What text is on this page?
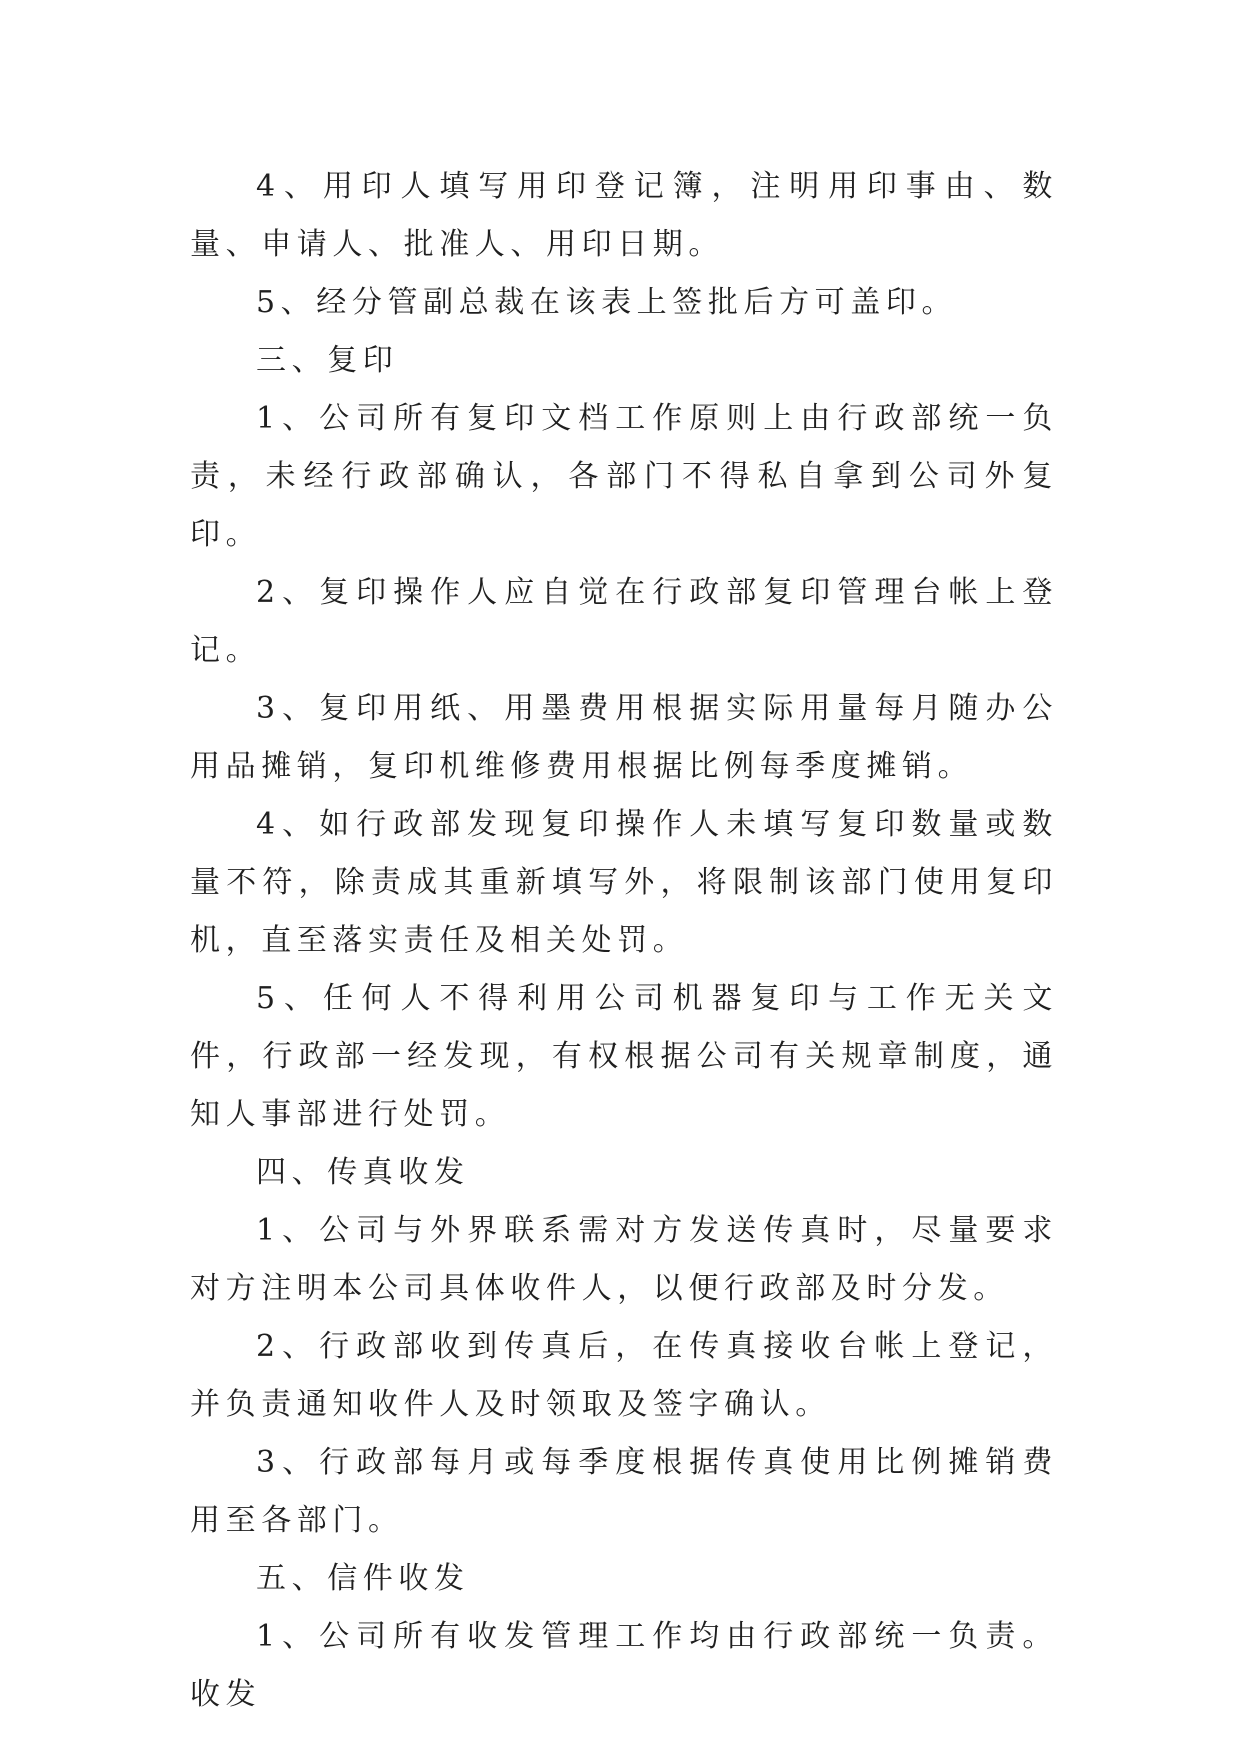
4、用印人填写用印登记簿，注明用印事由、数量、申请人、批准人、用印日期。

5、经分管副总裁在该表上签批后方可盖印。

三、复印

1、公司所有复印文档工作原则上由行政部统一负责，未经行政部确认，各部门不得私自拿到公司外复印。

2、复印操作人应自觉在行政部复印管理台帐上登记。

3、复印用纸、用墨费用根据实际用量每月随办公用品摊销，复印机维修费用根据比例每季度摊销。

4、如行政部发现复印操作人未填写复印数量或数量不符，除责成其重新填写外，将限制该部门使用复印机，直至落实责任及相关处罚。

5、任何人不得利用公司机器复印与工作无关文件，行政部一经发现，有权根据公司有关规章制度，通知人事部进行处罚。

四、传真收发

1、公司与外界联系需对方发送传真时，尽量要求对方注明本公司具体收件人，以便行政部及时分发。

2、行政部收到传真后，在传真接收台帐上登记，并负责通知收件人及时领取及签字确认。

3、行政部每月或每季度根据传真使用比例摊销费用至各部门。

五、信件收发

1、公司所有收发管理工作均由行政部统一负责。收发
